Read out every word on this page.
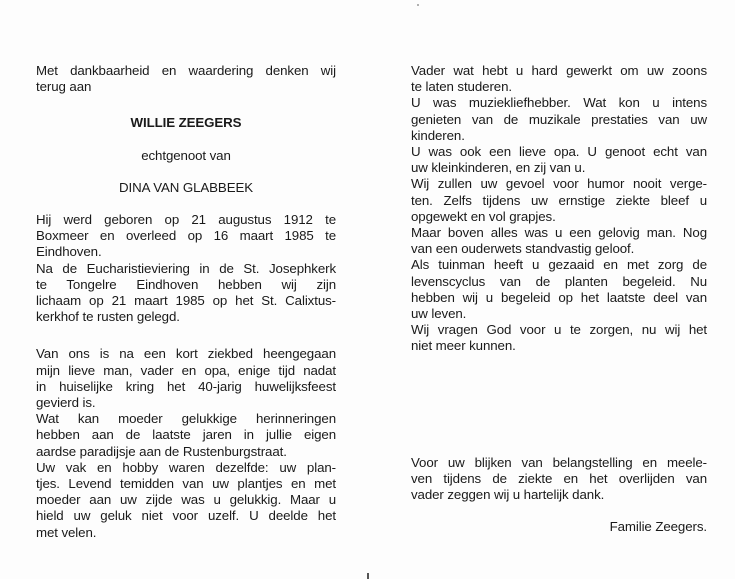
Met dankbaarheid en waardering denken wij
terug aan
WILLIE ZEEGERS
echtgenoot van
DINA VAN GLABBEEK
Hij werd geboren op 21 augustus 1912 te
Boxmeer en overleed op 16 maart 1985 te
Eindhoven.
Na de Eucharistieviering in de St. Josephkerk
te Tongelre Eindhoven hebben wij zijn
lichaam op 21 maart 1985 op het St. Calixtus-
kerkhof te rusten gelegd.
Van ons is na een kort ziekbed heengegaan
mijn lieve man, vader en opa, enige tijd nadat
in huiselijke kring het 40-jarig huwelijksfeest
gevierd is.
Wat kan moeder gelukkige herinneringen
hebben aan de laatste jaren in jullie eigen
aardse paradijsje aan de Rustenburgstraat.
Uw vak en hobby waren dezelfde: uw plan-
tjes. Levend temidden van uw plantjes en met
moeder aan uw zijde was u gelukkig. Maar u
hield uw geluk niet voor uzelf. U deelde het
met velen.
Vader wat hebt u hard gewerkt om uw zoons
te laten studeren.
U was muziekliefhebber. Wat kon u intens
genieten van de muzikale prestaties van uw
kinderen.
U was ook een lieve opa. U genoot echt van
uw kleinkinderen, en zij van u.
Wij zullen uw gevoel voor humor nooit verge-
ten. Zelfs tijdens uw ernstige ziekte bleef u
opgewekt en vol grapjes.
Maar boven alles was u een gelovig man. Nog
van een ouderwets standvastig geloof.
Als tuinman heeft u gezaaid en met zorg de
levenscyclus van de planten begeleid. Nu
hebben wij u begeleid op het laatste deel van
uw leven.
Wij vragen God voor u te zorgen, nu wij het
niet meer kunnen.
Voor uw blijken van belangstelling en meele-
ven tijdens de ziekte en het overlijden van
vader zeggen wij u hartelijk dank.
Familie Zeegers.
